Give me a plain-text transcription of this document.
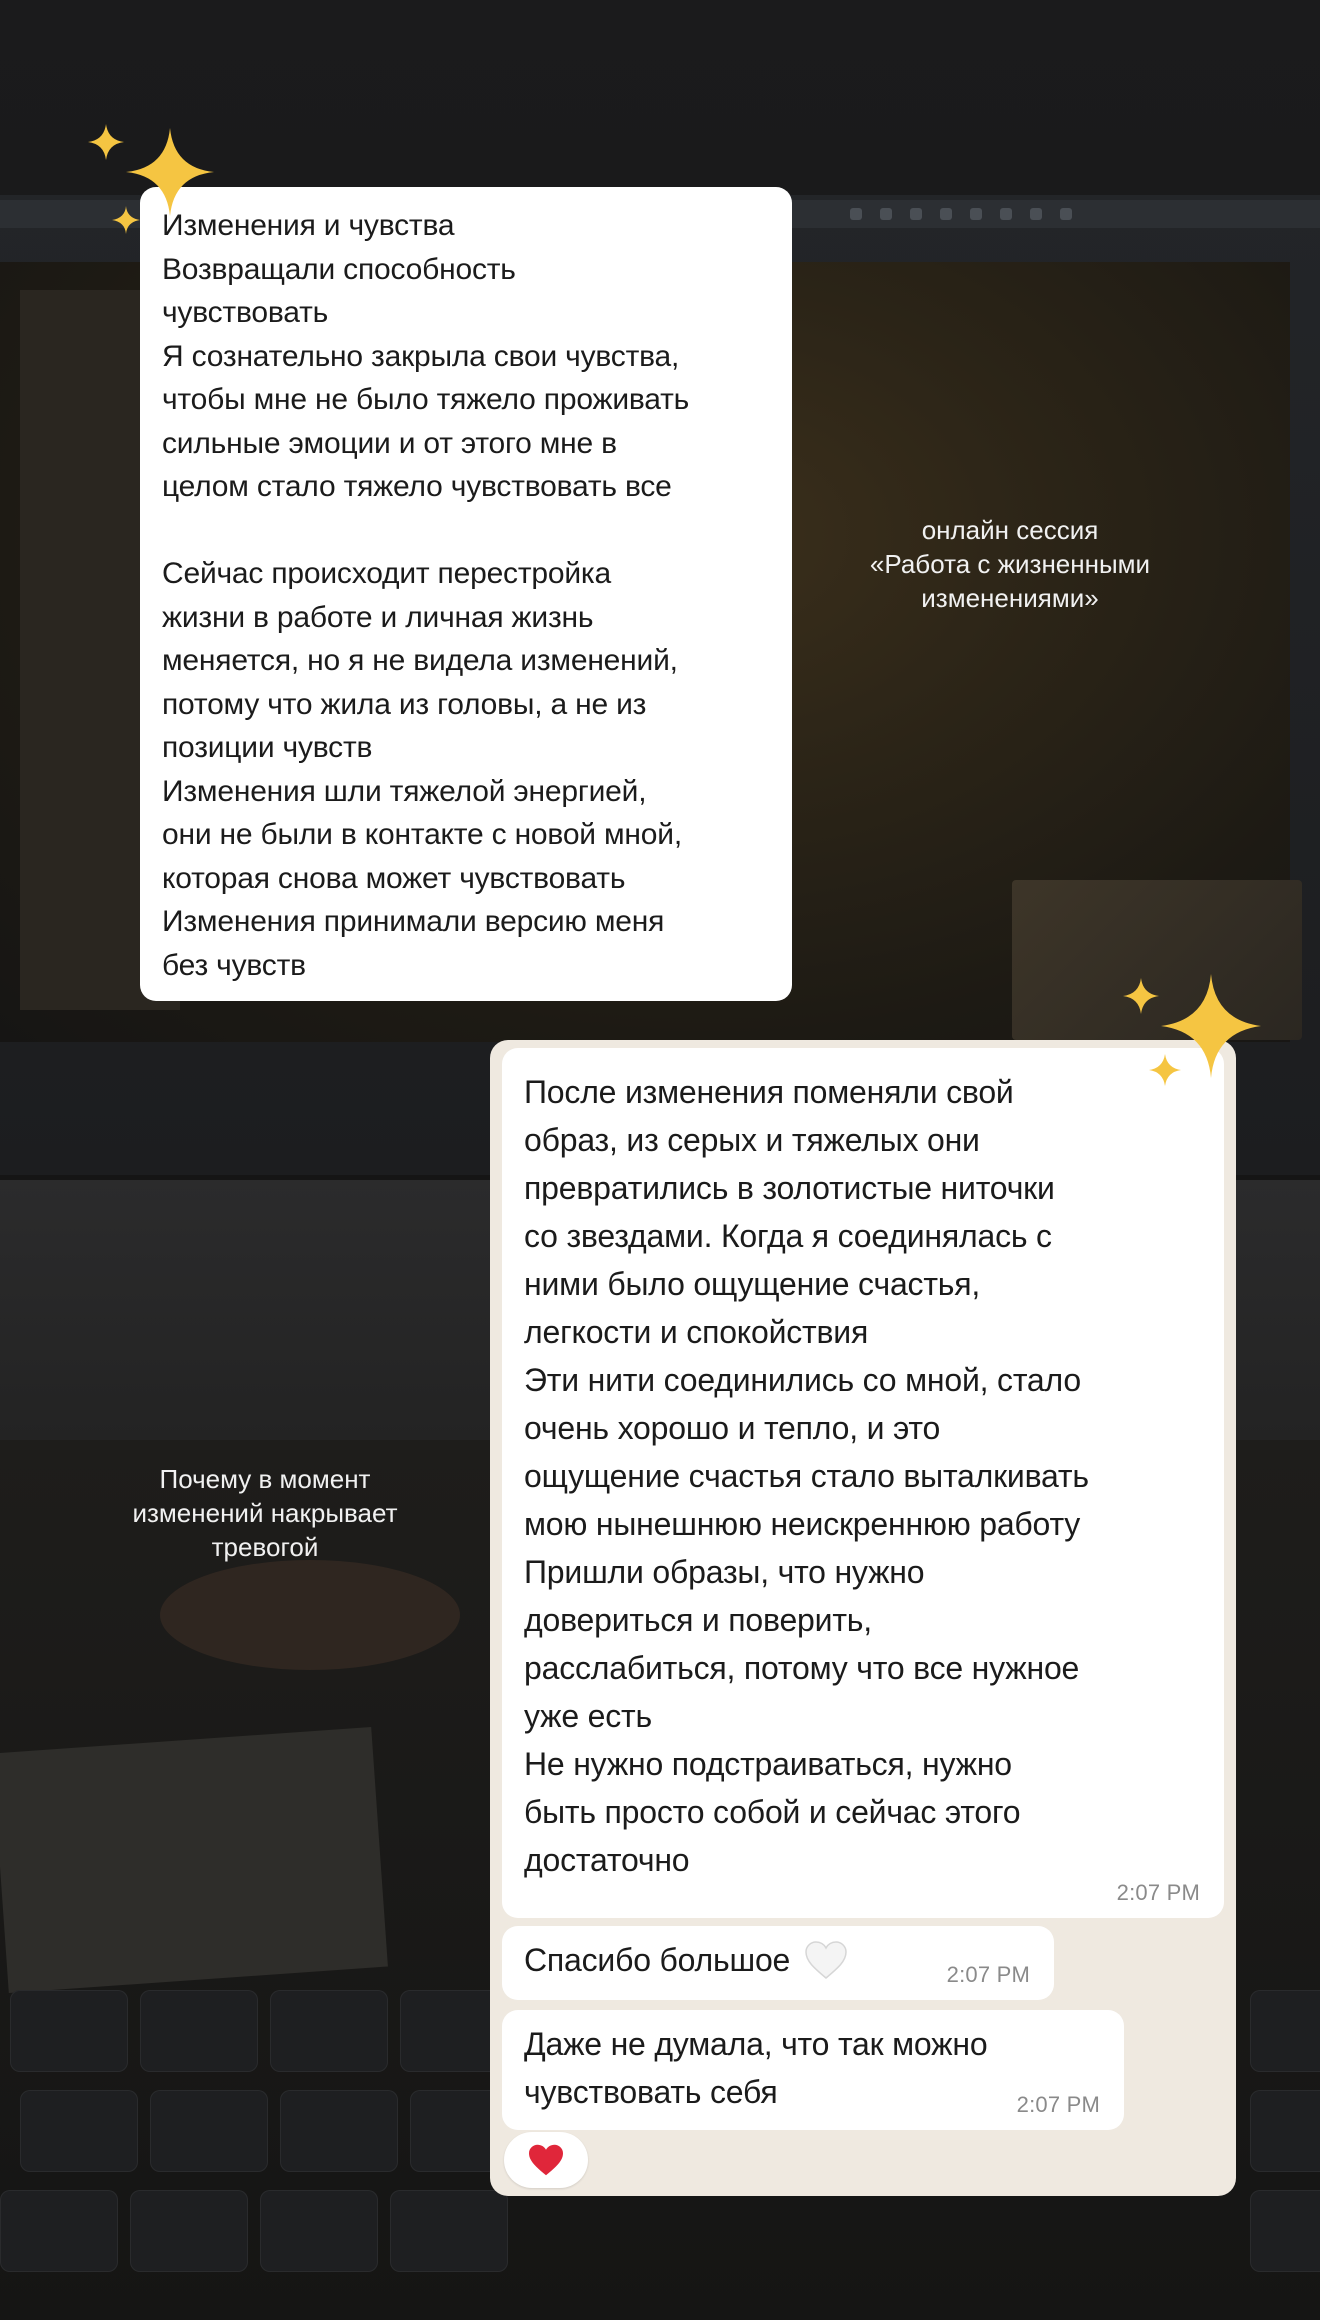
онлайн сессия
«Работа с жизненными
изменениями»

Почему в момент
изменений накрывает
тревогой

Изменения и чувства
Возвращали способность
чувствовать
Я сознательно закрыла свои чувства,
чтобы мне не было тяжело проживать
сильные эмоции и от этого мне в
целом стало тяжело чувствовать все

Сейчас происходит перестройка
жизни в работе и личная жизнь
меняется, но я не видела изменений,
потому что жила из головы, а не из
позиции чувств
Изменения шли тяжелой энергией,
они не были в контакте с новой мной,
которая снова может чувствовать
Изменения принимали версию меня
без чувств

После изменения поменяли свой
образ, из серых и тяжелых они
превратились в золотистые ниточки
со звездами. Когда я соединялась с
ними было ощущение счастья,
легкости и спокойствия
Эти нити соединились со мной, стало
очень хорошо и тепло, и это
ощущение счастья стало выталкивать
мою нынешнюю неискреннюю работу
Пришли образы, что нужно
довериться и поверить,
расслабиться, потому что все нужное
уже есть
Не нужно подстраиваться, нужно
быть просто собой и сейчас этого
достаточно

2:07 PM

Спасибо большое	2:07 PM

Даже не думала, что так можно
чувствовать себя	2:07 PM
